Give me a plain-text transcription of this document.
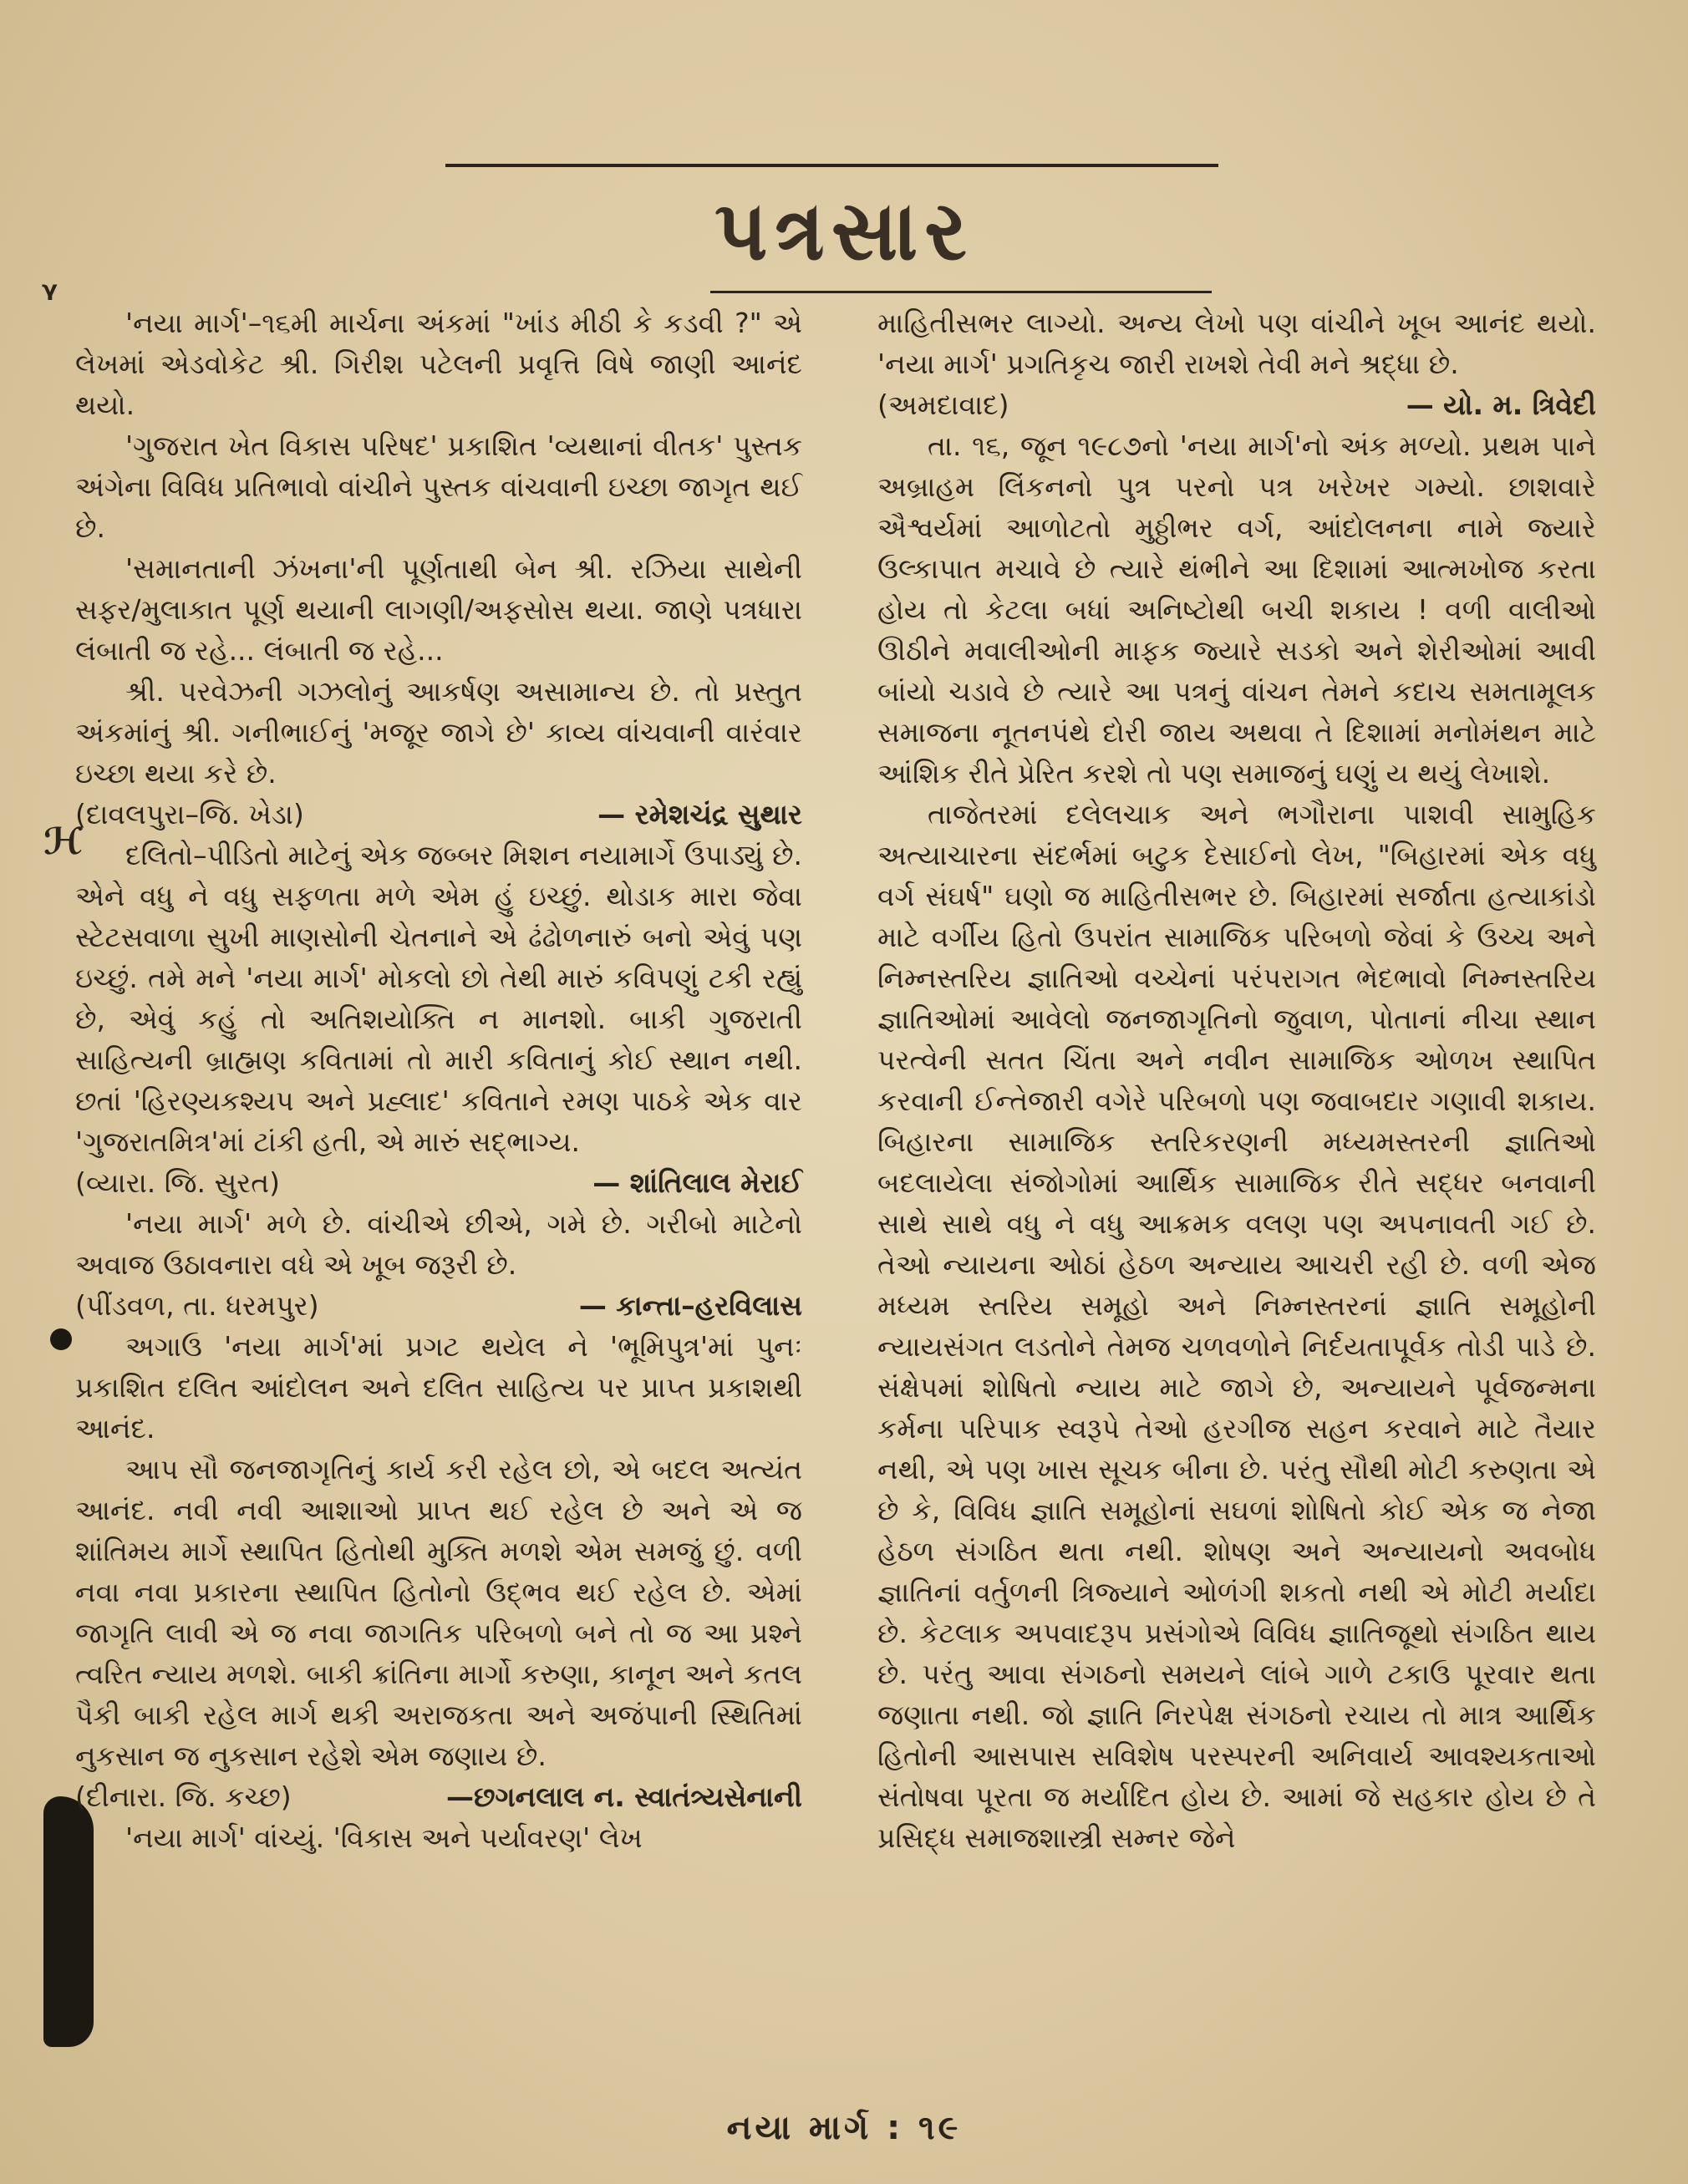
પત્રસાર
ᵞ
ℋ

'નયા માર્ગ'–૧૬મી માર્ચના અંકમાં "ખાંડ મીઠી કે કડવી ?" એ લેખમાં એડવોકેટ શ્રી. ગિરીશ પટેલની પ્રવૃત્તિ વિષે જાણી આનંદ થયો.

'ગુજરાત ખેત વિકાસ પરિષદ' પ્રકાશિત 'વ્યથાનાં વીતક' પુસ્તક અંગેના વિવિધ પ્રતિભાવો વાંચીને પુસ્તક વાંચવાની ઇચ્છા જાગૃત થઈ છે.

'સમાનતાની ઝંખના'ની પૂર્ણતાથી બેન શ્રી. રઝિયા સાથેની સફર/મુલાકાત પૂર્ણ થયાની લાગણી/અફસોસ થયા. જાણે પત્રધારા લંબાતી જ રહે... લંબાતી જ રહે...

શ્રી. પરવેઝની ગઝલોનું આકર્ષણ અસામાન્ય છે. તો પ્રસ્તુત અંકમાંનું શ્રી. ગનીભાઈનું 'મજૂર જાગે છે' કાવ્ય વાંચવાની વારંવાર ઇચ્છા થયા કરે છે.

(દાવલપુરા–જિ. ખેડા)	— રમેશચંદ્ર સુથાર

દલિતો–પીડિતો માટેનું એક જબ્બર મિશન નયામાર્ગે ઉપાડ્યું છે. એને વધુ ને વધુ સફળતા મળે એમ હું ઇચ્છું. થોડાક મારા જેવા સ્ટેટસવાળા સુખી માણસોની ચેતનાને એ ઢંઢોળનારું બનો એવું પણ ઇચ્છું. તમે મને 'નયા માર્ગ' મોકલો છો તેથી મારું કવિપણું ટકી રહ્યું છે, એવું કહું તો અતિશયોક્તિ ન માનશો. બાકી ગુજરાતી સાહિત્યની બ્રાહ્મણ કવિતામાં તો મારી કવિતાનું કોઈ સ્થાન નથી. છતાં 'હિરણ્યકશ્યપ અને પ્રહ્લાદ' કવિતાને રમણ પાઠકે એક વાર 'ગુજરાતમિત્ર'માં ટાંકી હતી, એ મારું સદ્ભાગ્ય.

(વ્યારા. જિ. સુરત)	— શાંતિલાલ મેરાઈ

'નયા માર્ગ' મળે છે. વાંચીએ છીએ, ગમે છે. ગરીબો માટેનો અવાજ ઉઠાવનારા વધે એ ખૂબ જરૂરી છે.

(પીંડવળ, તા. ધરમપુર)	— કાન્તા–હરવિલાસ

અગાઉ 'નયા માર્ગ'માં પ્રગટ થયેલ ને 'ભૂમિપુત્ર'માં પુનઃ પ્રકાશિત દલિત આંદોલન અને દલિત સાહિત્ય પર પ્રાપ્ત પ્રકાશથી આનંદ.

આપ સૌ જનજાગૃતિનું કાર્ય કરી રહેલ છો, એ બદલ અત્યંત આનંદ. નવી નવી આશાઓ પ્રાપ્ત થઈ રહેલ છે અને એ જ શાંતિમય માર્ગે સ્થાપિત હિતોથી મુક્તિ મળશે એમ સમજું છું. વળી નવા નવા પ્રકારના સ્થાપિત હિતોનો ઉદ્ભવ થઈ રહેલ છે. એમાં જાગૃતિ લાવી એ જ નવા જાગતિક પરિબળો બને તો જ આ પ્રશ્ને ત્વરિત ન્યાય મળશે. બાકી ક્રાંતિના માર્ગો કરુણા, કાનૂન અને કતલ પૈકી બાકી રહેલ માર્ગ થકી અરાજકતા અને અજંપાની સ્થિતિમાં નુકસાન જ નુકસાન રહેશે એમ જણાય છે.

(દીનારા. જિ. કચ્છ)	—છગનલાલ ન. સ્વાતંત્ર્યસેનાની

'નયા માર્ગ' વાંચ્યું. 'વિકાસ અને પર્યાવરણ' લેખ

માહિતીસભર લાગ્યો. અન્ય લેખો પણ વાંચીને ખૂબ આનંદ થયો. 'નયા માર્ગ' પ્રગતિકૃચ જારી રાખશે તેવી મને શ્રદ્ધા છે.

(અમદાવાદ)	— યો. મ. ત્રિવેદી

તા. ૧૬, જૂન ૧૯૮૭નો 'નયા માર્ગ'નો અંક મળ્યો. પ્રથમ પાને અબ્રાહમ લિંકનનો પુત્ર પરનો પત્ર ખરેખર ગમ્યો. છાશવારે ઐશ્વર્યમાં આળોટતો મુઠ્ઠીભર વર્ગ, આંદોલનના નામે જ્યારે ઉલ્કાપાત મચાવે છે ત્યારે થંભીને આ દિશામાં આત્મખોજ કરતા હોય તો કેટલા બધાં અનિષ્ટોથી બચી શકાય ! વળી વાલીઓ ઊઠીને મવાલીઓની માફક જ્યારે સડકો અને શેરીઓમાં આવી બાંયો ચડાવે છે ત્યારે આ પત્રનું વાંચન તેમને કદાચ સમતામૂલક સમાજના નૂતનપંથે દોરી જાય અથવા તે દિશામાં મનોમંથન માટે આંશિક રીતે પ્રેરિત કરશે તો પણ સમાજનું ઘણું ય થયું લેખાશે.

તાજેતરમાં દલેલચાક અને ભગૌરાના પાશવી સામુહિક અત્યાચારના સંદર્ભમાં બટુક દેસાઈનો લેખ, "બિહારમાં એક વધુ વર્ગ સંઘર્ષ" ઘણો જ માહિતીસભર છે. બિહારમાં સર્જાતા હત્યાકાંડો માટે વર્ગીય હિતો ઉપરાંત સામાજિક પરિબળો જેવાં કે ઉચ્ચ અને નિમ્નસ્તરિય જ્ઞાતિઓ વચ્ચેનાં પરંપરાગત ભેદભાવો નિમ્નસ્તરિય જ્ઞાતિઓમાં આવેલો જનજાગૃતિનો જુવાળ, પોતાનાં નીચા સ્થાન પરત્વેની સતત ચિંતા અને નવીન સામાજિક ઓળખ સ્થાપિત કરવાની ઈન્તેજારી વગેરે પરિબળો પણ જવાબદાર ગણાવી શકાય. બિહારના સામાજિક સ્તરિકરણની મધ્યમસ્તરની જ્ઞાતિઓ બદલાયેલા સંજોગોમાં આર્થિક સામાજિક રીતે સદ્ધર બનવાની સાથે સાથે વધુ ને વધુ આક્રમક વલણ પણ અપનાવતી ગઈ છે. તેઓ ન્યાયના ઓઠાં હેઠળ અન્યાય આચરી રહી છે. વળી એજ મધ્યમ સ્તરિય સમૂહો અને નિમ્નસ્તરનાં જ્ઞાતિ સમૂહોની ન્યાયસંગત લડતોને તેમજ ચળવળોને નિર્દયતાપૂર્વક તોડી પાડે છે. સંક્ષેપમાં શોષિતો ન્યાય માટે જાગે છે, અન્યાયને પૂર્વજન્મના કર્મના પરિપાક સ્વરૂપે તેઓ હરગીજ સહન કરવાને માટે તૈયાર નથી, એ પણ ખાસ સૂચક બીના છે. પરંતુ સૌથી મોટી કરુણતા એ છે કે, વિવિધ જ્ઞાતિ સમૂહોનાં સઘળાં શોષિતો કોઈ એક જ નેજા હેઠળ સંગઠિત થતા નથી. શોષણ અને અન્યાયનો અવબોધ જ્ઞાતિનાં વર્તુળની ત્રિજ્યાને ઓળંગી શકતો નથી એ મોટી મર્યાદા છે. કેટલાક અપવાદરૂપ પ્રસંગોએ વિવિધ જ્ઞાતિજૂથો સંગઠિત થાય છે. પરંતુ આવા સંગઠનો સમયને લાંબે ગાળે ટકાઉ પૂરવાર થતા જણાતા નથી. જો જ્ઞાતિ નિરપેક્ષ સંગઠનો રચાય તો માત્ર આર્થિક હિતોની આસપાસ સવિશેષ પરસ્પરની અનિવાર્ય આવશ્યકતાઓ સંતોષવા પૂરતા જ મર્યાદિત હોય છે. આમાં જે સહકાર હોય છે તે પ્રસિદ્ધ સમાજશાસ્ત્રી સમ્નર જેને

નયા માર્ગ : ૧૯
